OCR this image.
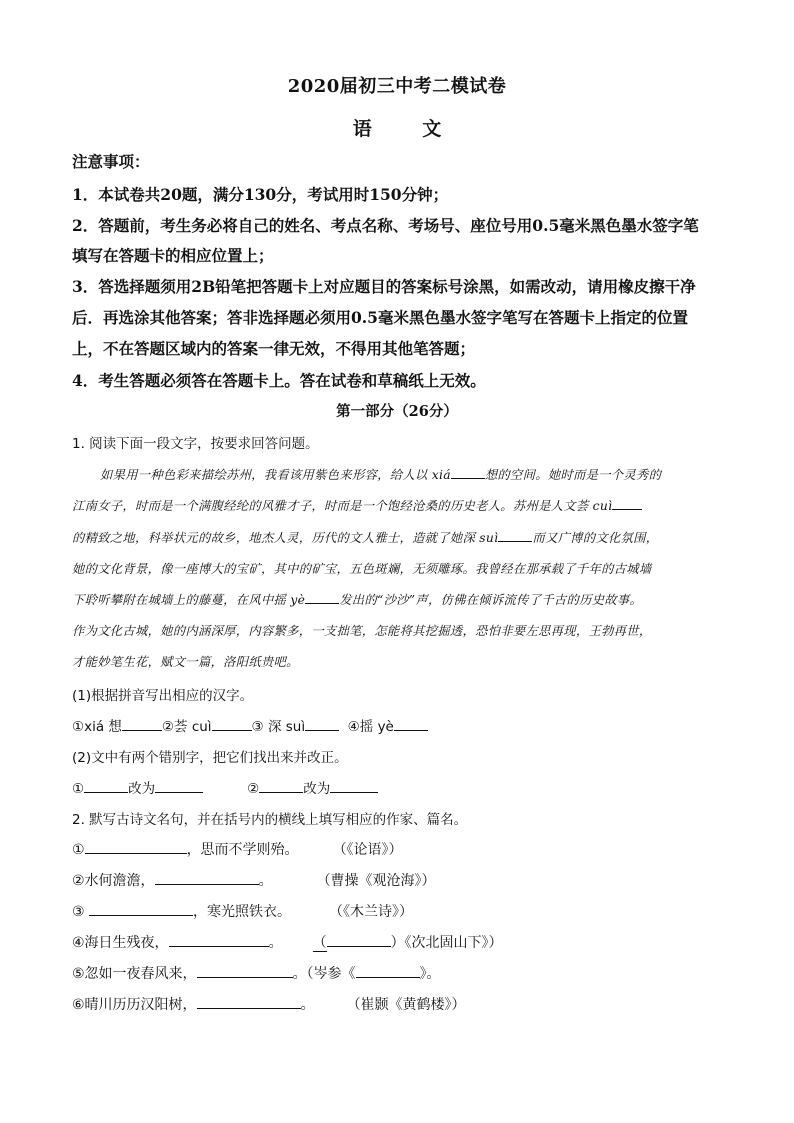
2020届初三中考二模试卷
语 文
注意事项：
1．本试卷共20题，满分130分，考试用时150分钟；
2．答题前，考生务必将自己的姓名、考点名称、考场号、座位号用0.5毫米黑色墨水签字笔
填写在答题卡的相应位置上；
3．答选择题须用2B铅笔把答题卡上对应题目的答案标号涂黑，如需改动，请用橡皮擦干净
后．再选涂其他答案；答非选择题必须用0.5毫米黑色墨水签字笔写在答题卡上指定的位置
上，不在答题区域内的答案一律无效，不得用其他笔答题；
4．考生答题必须答在答题卡上。答在试卷和草稿纸上无效。
第一部分（26分）
1. 阅读下面一段文字，按要求回答问题。
如果用一种色彩来描绘苏州，我看该用紫色来形容，给人以 xiá	想的空间。她时而是一个灵秀的
江南女子，时而是一个满腹经纶的风雅才子，时而是一个饱经沧桑的历史老人。苏州是人文荟 cuì
的精致之地，科举状元的故乡，地杰人灵，历代的文人雅士，造就了她深 suì	而又广博的文化氛围，
她的文化背景，像一座博大的宝矿，其中的矿宝，五色斑斓，无须雕琢。我曾经在那承载了千年的古城墙
下聆听攀附在城墙上的藤蔓，在风中摇 yè	发出的“沙沙”声，仿佛在倾诉流传了千古的历史故事。
作为文化古城，她的内涵深厚，内容繁多，一支拙笔，怎能将其挖掘透，恐怕非要左思再现，王勃再世，
才能妙笔生花，赋文一篇，洛阳纸贵吧。
(1)根据拼音写出相应的汉字。
①xiá 想	②荟 cuì	③ 深 suì	④摇 yè
(2)文中有两个错别字，把它们找出来并改正。
①	改为	②	改为
2. 默写古诗文名句，并在括号内的横线上填写相应的作家、篇名。
①	，思而不学则殆。 （《论语》）
②水何澹澹，	。	（曹操《观沧海》）
③	，寒光照铁衣。	（《木兰诗》）
④海日生残夜，	。 （	）《次北固山下》）
⑤忽如一夜春风来，	。（岑参《	》。
⑥晴川历历汉阳树，	。 （崔颢《黄鹤楼》）
